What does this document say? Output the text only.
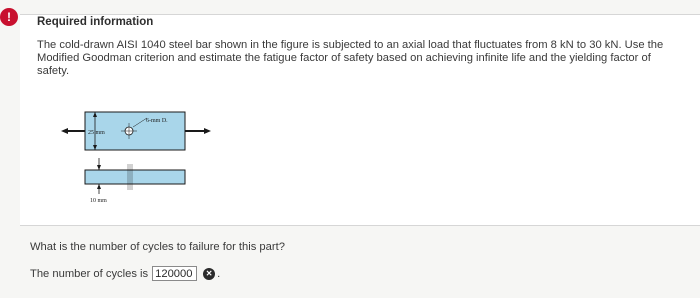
!	Required information
The cold-drawn AISI 1040 steel bar shown in the figure is subjected to an axial load that fluctuates from 8 kN to 30 kN. Use the Modified Goodman criterion and estimate the fatigue factor of safety based on achieving infinite life and the yielding factor of safety.
25 mm
6-mm D.
10 mm
What is the number of cycles to failure for this part?
The number of cycles is
120000	✕ .
